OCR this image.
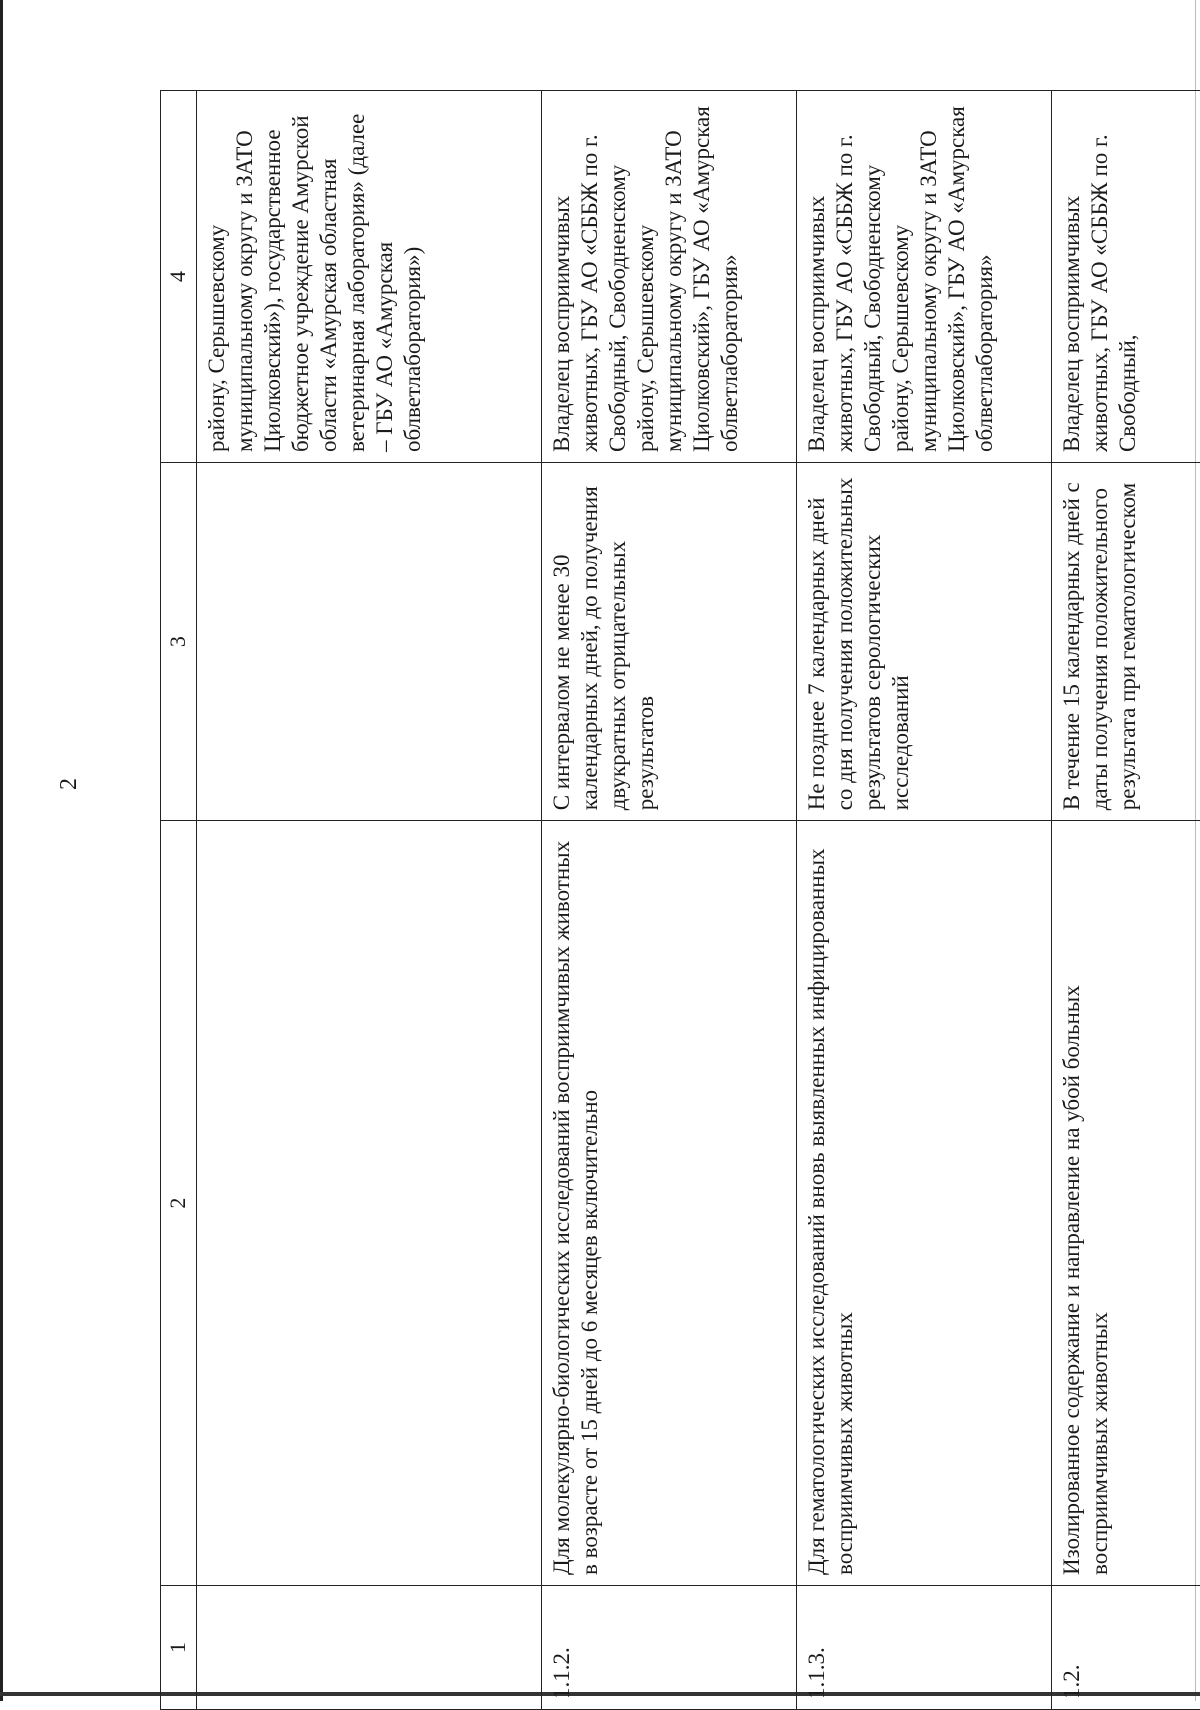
2
1	2	3	4
			району, Серышевскому муниципальному округу и ЗАТО Циолковский»), государственное бюджетное учреждение Амурской области «Амурская областная ветеринарная лаборатория» (далее – ГБУ АО «Амурская облветлаборатория»)
1.1.2.	Для молекулярно-биологических исследований восприимчивых животных в возрасте от 15 дней до 6 месяцев включительно	С интервалом не менее 30 календарных дней, до получения двукратных отрицательных результатов	Владелец восприимчивых животных, ГБУ АО «СББЖ по г. Свободный, Свободненскому району, Серышевскому муниципальному округу и ЗАТО Циолковский», ГБУ АО «Амурская облветлаборатория»
1.1.3.	Для гематологических исследований вновь выявленных инфицированных восприимчивых животных	Не позднее 7 календарных дней со дня получения положительных результатов серологических исследований	Владелец восприимчивых животных, ГБУ АО «СББЖ по г. Свободный, Свободненскому району, Серышевскому муниципальному округу и ЗАТО Циолковский», ГБУ АО «Амурская облветлаборатория»
1.2.	Изолированное содержание и направление на убой больных восприимчивых животных	В течение 15 календарных дней с даты получения положительного результата при гематологическом	Владелец восприимчивых животных, ГБУ АО «СББЖ по г. Свободный,
